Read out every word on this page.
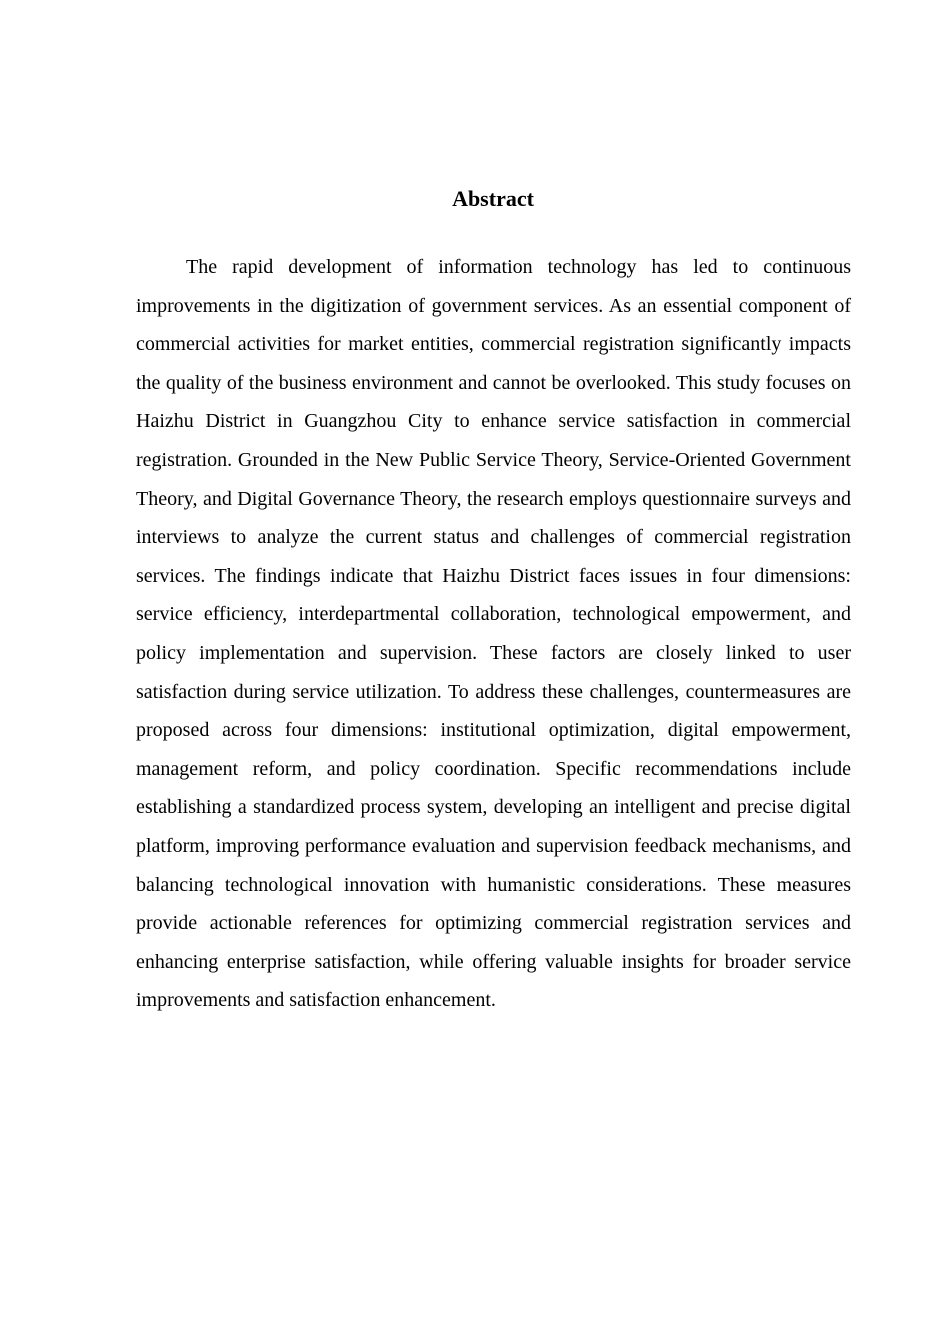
Abstract

The rapid development of information technology has led to continuous improvements in the digitization of government services. As an essential component of commercial activities for market entities, commercial registration significantly impacts the quality of the business environment and cannot be overlooked. This study focuses on Haizhu District in Guangzhou City to enhance service satisfaction in commercial registration. Grounded in the New Public Service Theory, Service-Oriented Government Theory, and Digital Governance Theory, the research employs questionnaire surveys and interviews to analyze the current status and challenges of commercial registration services. The findings indicate that Haizhu District faces issues in four dimensions: service efficiency, interdepartmental collaboration, technological empowerment, and policy implementation and supervision. These factors are closely linked to user satisfaction during service utilization. To address these challenges, countermeasures are proposed across four dimensions: institutional optimization, digital empowerment, management reform, and policy coordination. Specific recommendations include establishing a standardized process system, developing an intelligent and precise digital platform, improving performance evaluation and supervision feedback mechanisms, and balancing technological innovation with humanistic considerations. These measures provide actionable references for optimizing commercial registration services and enhancing enterprise satisfaction, while offering valuable insights for broader service improvements and satisfaction enhancement.
